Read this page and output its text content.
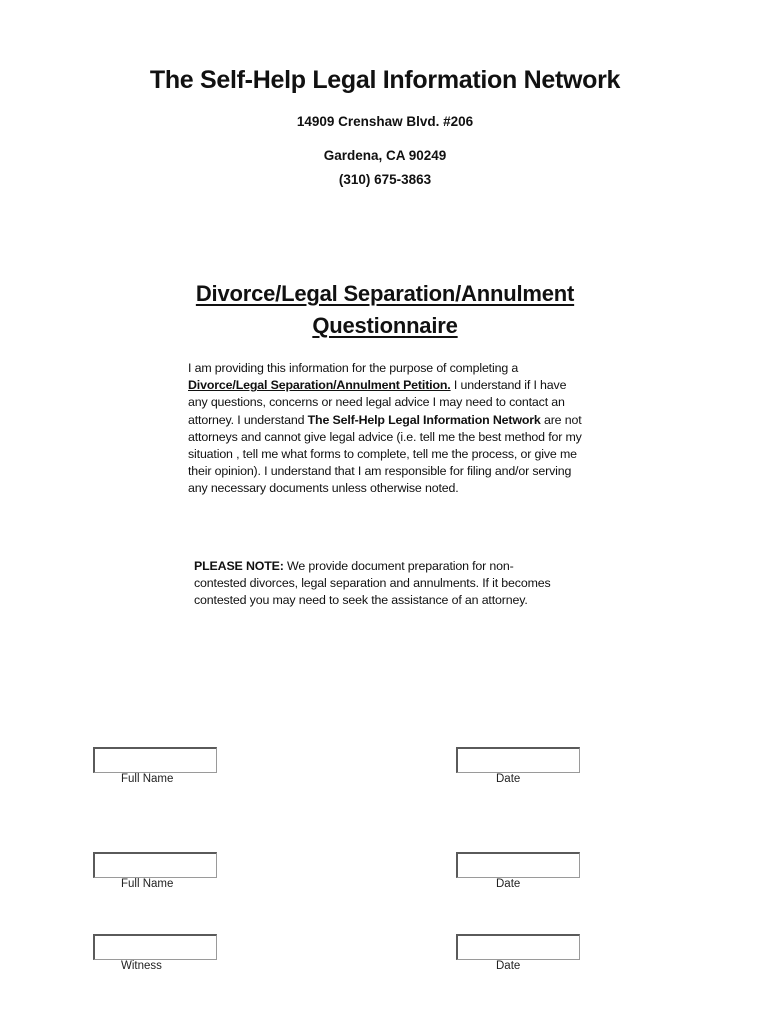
The Self-Help Legal Information Network
14909 Crenshaw Blvd. #206
Gardena, CA 90249
(310) 675-3863
Divorce/Legal Separation/Annulment
Questionnaire
I am providing this information for the purpose of completing a Divorce/Legal Separation/Annulment Petition. I understand if I have any questions, concerns or need legal advice I may need to contact an attorney. I understand The Self-Help Legal Information Network are not attorneys and cannot give legal advice (i.e. tell me the best method for my situation , tell me what forms to complete, tell me the process, or give me their opinion). I understand that I am responsible for filing and/or serving any necessary documents unless otherwise noted.
PLEASE NOTE: We provide document preparation for non-contested divorces, legal separation and annulments. If it becomes contested you may need to seek the assistance of an attorney.
Full Name	Date
Full Name	Date
Witness	Date
